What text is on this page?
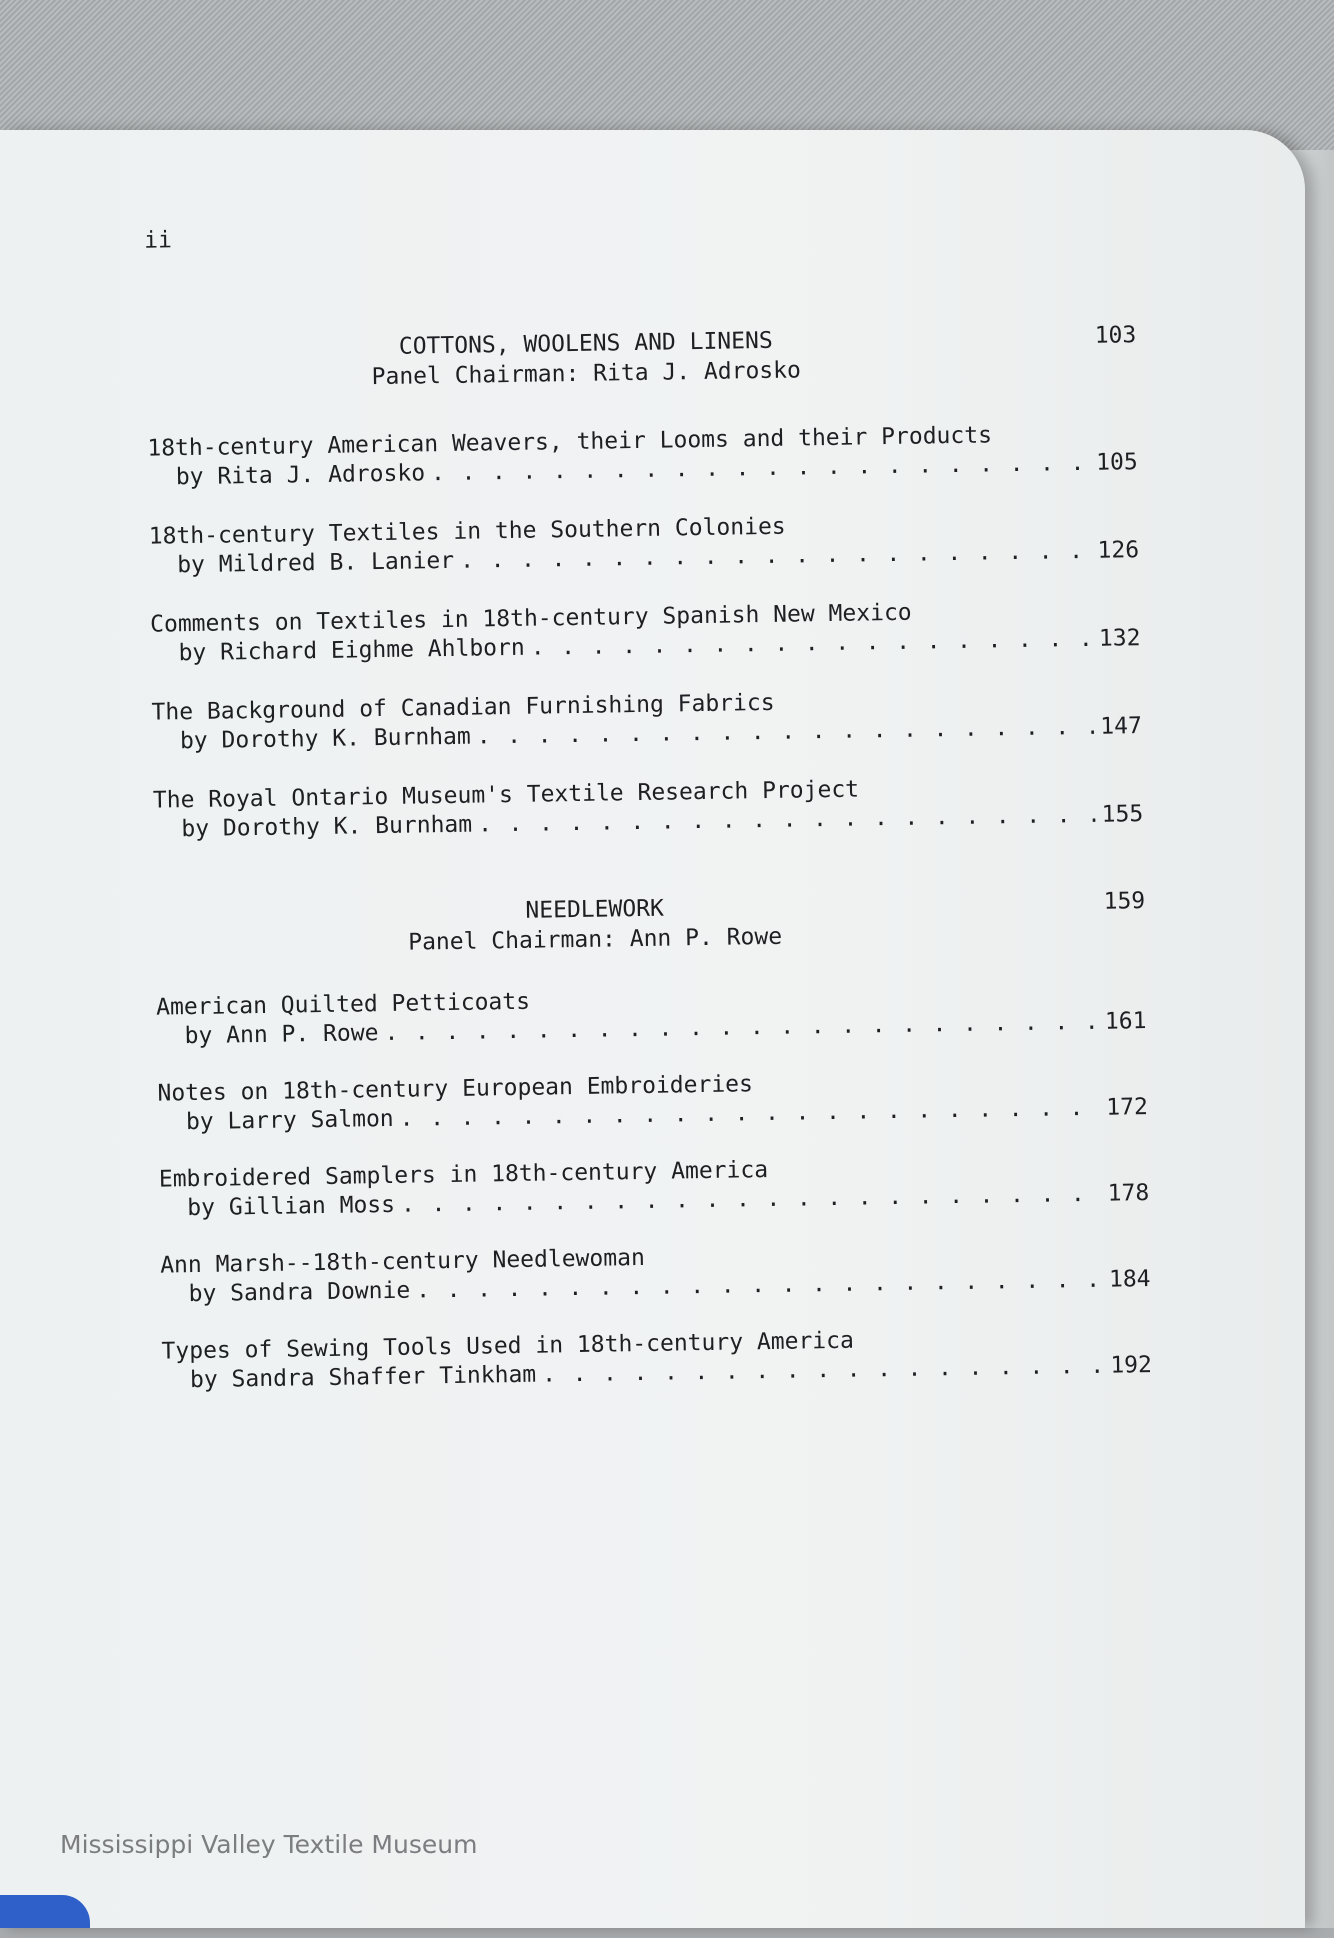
ii
COTTONS, WOOLENS AND LINENS	103
Panel Chairman: Rita J. Adrosko
18th-century American Weavers, their Looms and their Products
by Rita J. Adrosko . . .	105
18th-century Textiles in the Southern Colonies
by Mildred B. Lanier . . .	126
Comments on Textiles in 18th-century Spanish New Mexico
by Richard Eighme Ahlborn . . .	132
The Background of Canadian Furnishing Fabrics
by Dorothy K. Burnham . . .	147
The Royal Ontario Museum's Textile Research Project
by Dorothy K. Burnham . . .	155
NEEDLEWORK	159
Panel Chairman: Ann P. Rowe
American Quilted Petticoats
by Ann P. Rowe . . .	161
Notes on 18th-century European Embroideries
by Larry Salmon . . .	172
Embroidered Samplers in 18th-century America
by Gillian Moss . . .	178
Ann Marsh--18th-century Needlewoman
by Sandra Downie . . .	184
Types of Sewing Tools Used in 18th-century America
by Sandra Shaffer Tinkham . . .	192
Mississippi Valley Textile Museum
